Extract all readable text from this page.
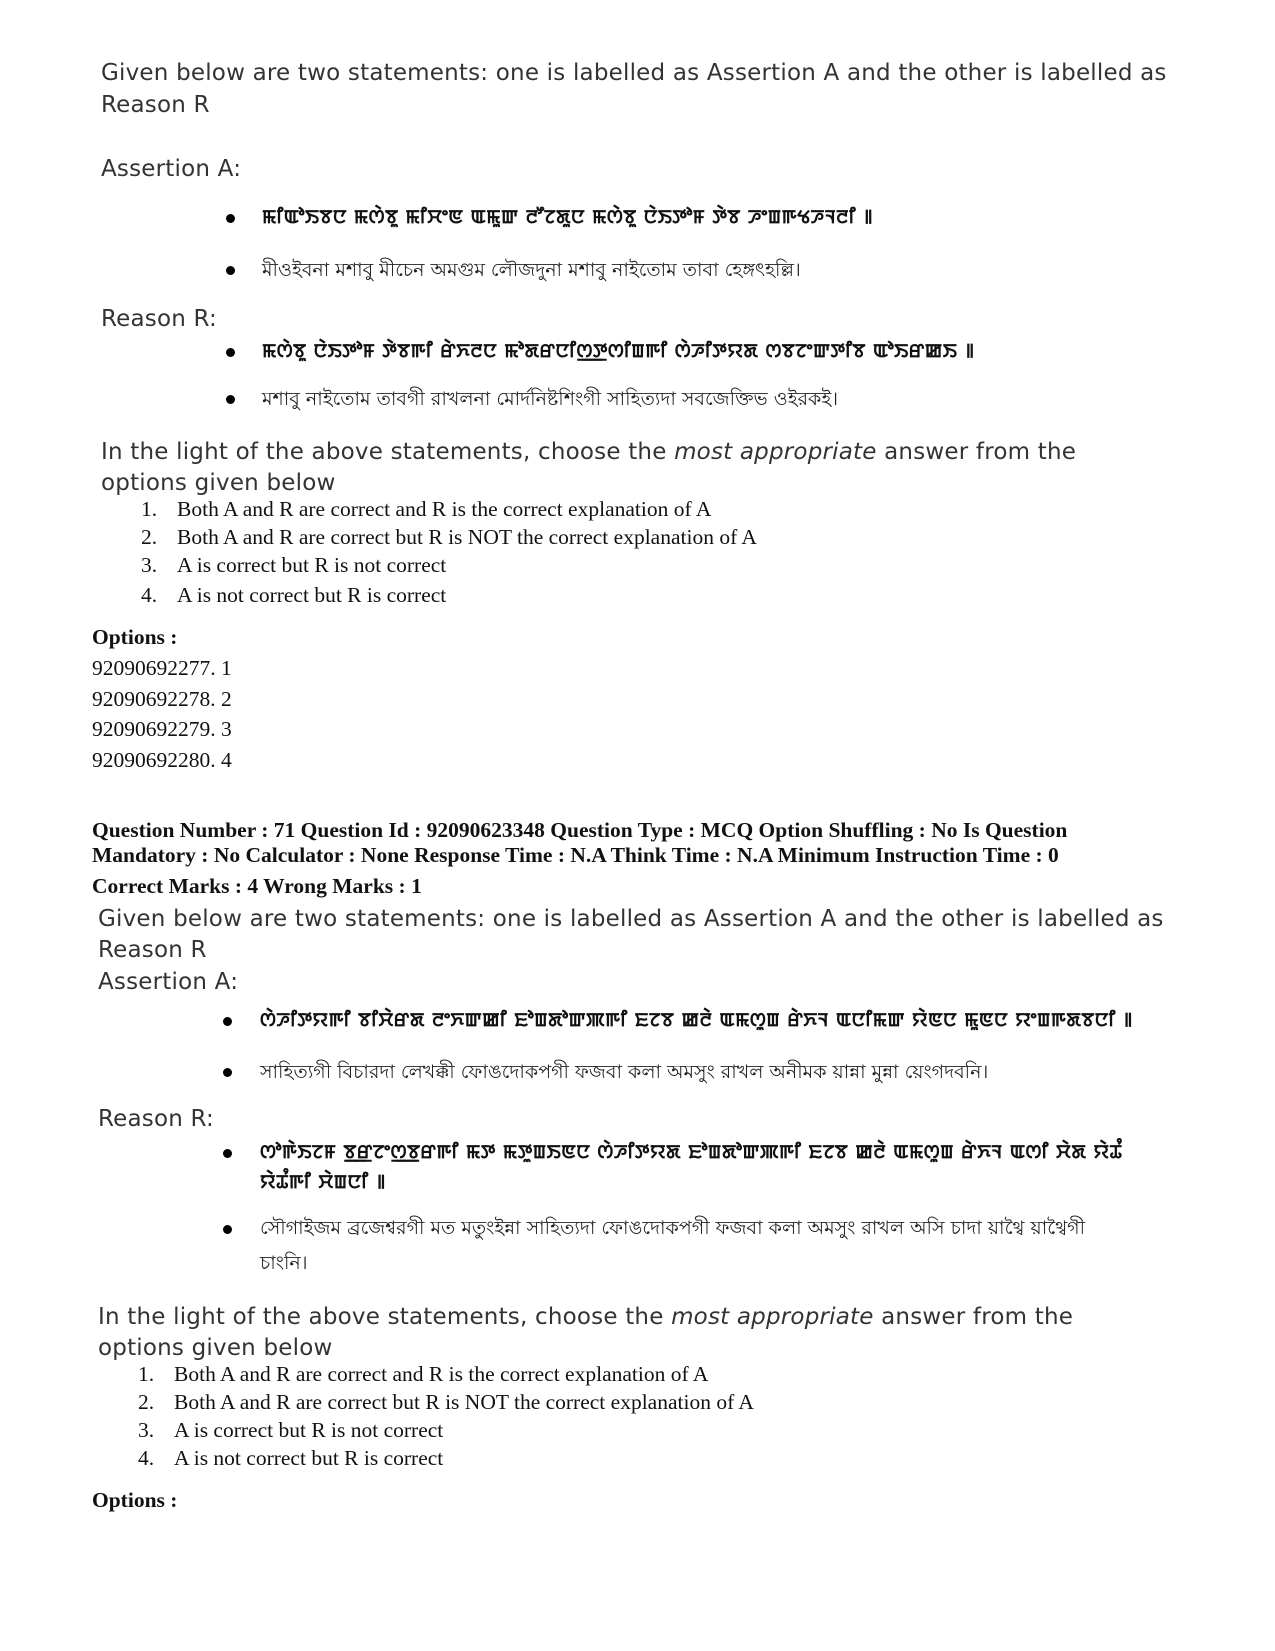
Given below are two statements: one is labelled as Assertion A and the other is labelled as
Reason R
Assertion A:
ꯃꯤꯑꯣꯏꯕꯅ ꯃꯁꯥꯕꯨ ꯃꯤꯆꯦꯟ ꯑꯃꯨꯛ ꯂꯧꯖꯗꯨꯅ ꯃꯁꯥꯕꯨ ꯅꯥꯏꯇꯣꯝ ꯇꯥꯕ ꯍꯦꯡꯒꯠꯍꯜꯂꯤ ꯫
মীওইবনা মশাবু মীচেন অমগুম লৌজদুনা মশাবু নাইতোম তাবা হেঙ্গৎহল্লি।
Reason R:
ꯃꯁꯥꯕꯨ ꯅꯥꯏꯇꯣꯝ ꯇꯥꯕꯒꯤ ꯔꯥꯈꯂꯅ ꯃꯣꯗꯔꯅꯤꯁ꯭ꯇꯁꯤꯡꯒꯤ ꯁꯥꯍꯤꯇꯌꯗ ꯁꯕꯖꯦꯛꯇꯤꯕ ꯑꯣꯏꯔꯀꯏ ꯫
মশাবু নাইতোম তাবগী রাখলনা মোর্দনিষ্টশিংগী সাহিত্যদা সবজেক্তিভ ওইরকই।
In the light of the above statements, choose the most appropriate answer from the
options given below
1. Both A and R are correct and R is the correct explanation of A
2. Both A and R are correct but R is NOT the correct explanation of A
3. A is correct but R is not correct
4. A is not correct but R is correct
Options :
92090692277. 1
92090692278. 2
92090692279. 3
92090692280. 4
Question Number : 71 Question Id : 92090623348 Question Type : MCQ Option Shuffling : No Is Question
Mandatory : No Calculator : None Response Time : N.A Think Time : N.A Minimum Instruction Time : 0
Correct Marks : 4 Wrong Marks : 1
Given below are two statements: one is labelled as Assertion A and the other is labelled as
Reason R
Assertion A:
ꯁꯥꯍꯤꯇꯌꯒꯤ ꯕꯤꯆꯥꯔꯗ ꯂꯦꯈꯛꯀꯤ ꯐꯣꯡꯗꯣꯛꯄꯒꯤ ꯐꯖꯕ ꯀꯂꯥ ꯑꯃꯁꯨꯡ ꯔꯥꯈꯜ ꯑꯅꯤꯃꯛ ꯌꯥꯟꯅ ꯃꯨꯟꯅ ꯌꯦꯡꯒꯗꯕꯅꯤ ꯫
সাহিত্যগী বিচারদা লেখক্কী ফোঙদোকপগী ফজবা কলা অমসুং রাখল অনীমক য়ান্না মুন্না য়েংগদবনি।
Reason R:
ꯁꯣꯒꯥꯏꯖꯝ ꯕ꯭ꯔꯖꯦꯁ꯭ꯕꯔꯒꯤ ꯃꯇ ꯃꯇꯨꯡꯏꯟꯅ ꯁꯥꯍꯤꯇꯌꯗ ꯐꯣꯡꯗꯣꯛꯄꯒꯤ ꯐꯖꯕ ꯀꯂꯥ ꯑꯃꯁꯨꯡ ꯔꯥꯈꯜ ꯑꯁꯤ ꯆꯥꯗ ꯌꯥꯊꯪ
ꯌꯥꯊꯪꯒꯤ ꯆꯥꯡꯅꯤ ꯫
সৌগাইজম ব্রজেশ্বরগী মত মতুংইন্না সাহিত্যদা ফোঙদোকপগী ফজবা কলা অমসুং রাখল অসি চাদা য়াথ্বৈ য়াথ্বৈগী
চাংনি।
In the light of the above statements, choose the most appropriate answer from the
options given below
1. Both A and R are correct and R is the correct explanation of A
2. Both A and R are correct but R is NOT the correct explanation of A
3. A is correct but R is not correct
4. A is not correct but R is correct
Options :
